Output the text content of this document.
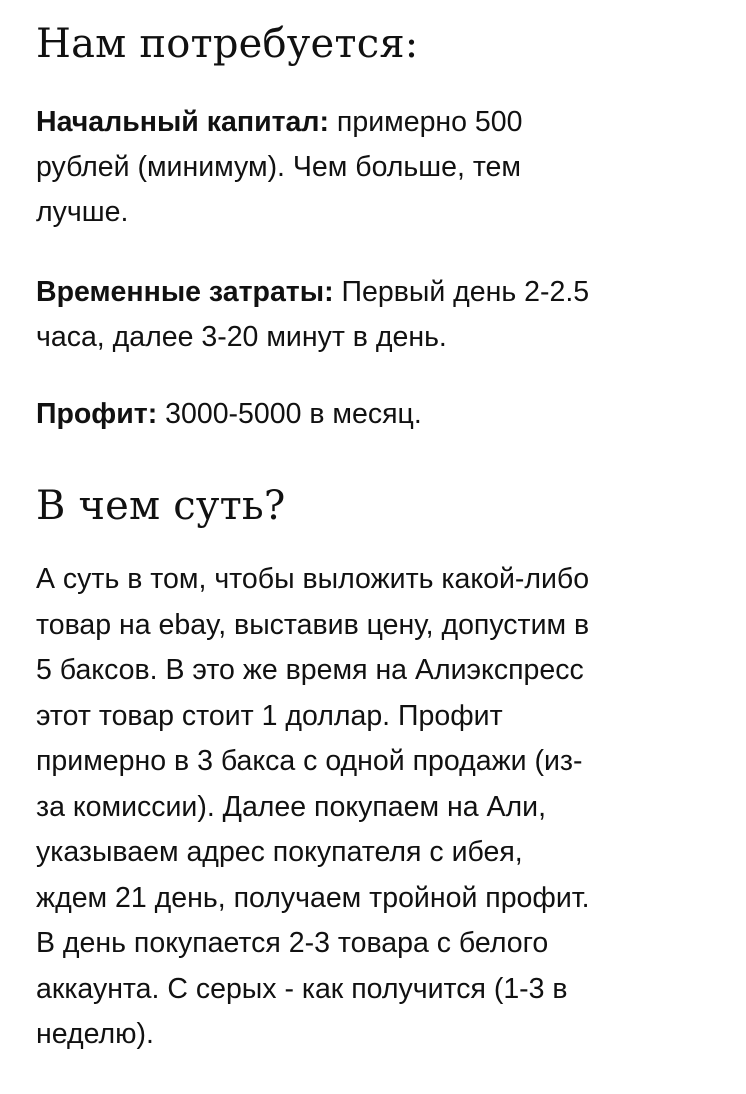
Нам потребуется:

Начальный капитал: примерно 500
рублей (минимум). Чем больше, тем
лучше.

Временные затраты: Первый день 2-2.5
часа, далее 3-20 минут в день.

Профит: 3000-5000 в месяц.

В чем суть?

А суть в том, чтобы выложить какой-либо
товар на ebay, выставив цену, допустим в
5 баксов. В это же время на Алиэкспресс
этот товар стоит 1 доллар. Профит
примерно в 3 бакса с одной продажи (из-
за комиссии). Далее покупаем на Али,
указываем адрес покупателя с ибея,
ждем 21 день, получаем тройной профит.
В день покупается 2-3 товара с белого
аккаунта. С серых - как получится (1-3 в
неделю).
